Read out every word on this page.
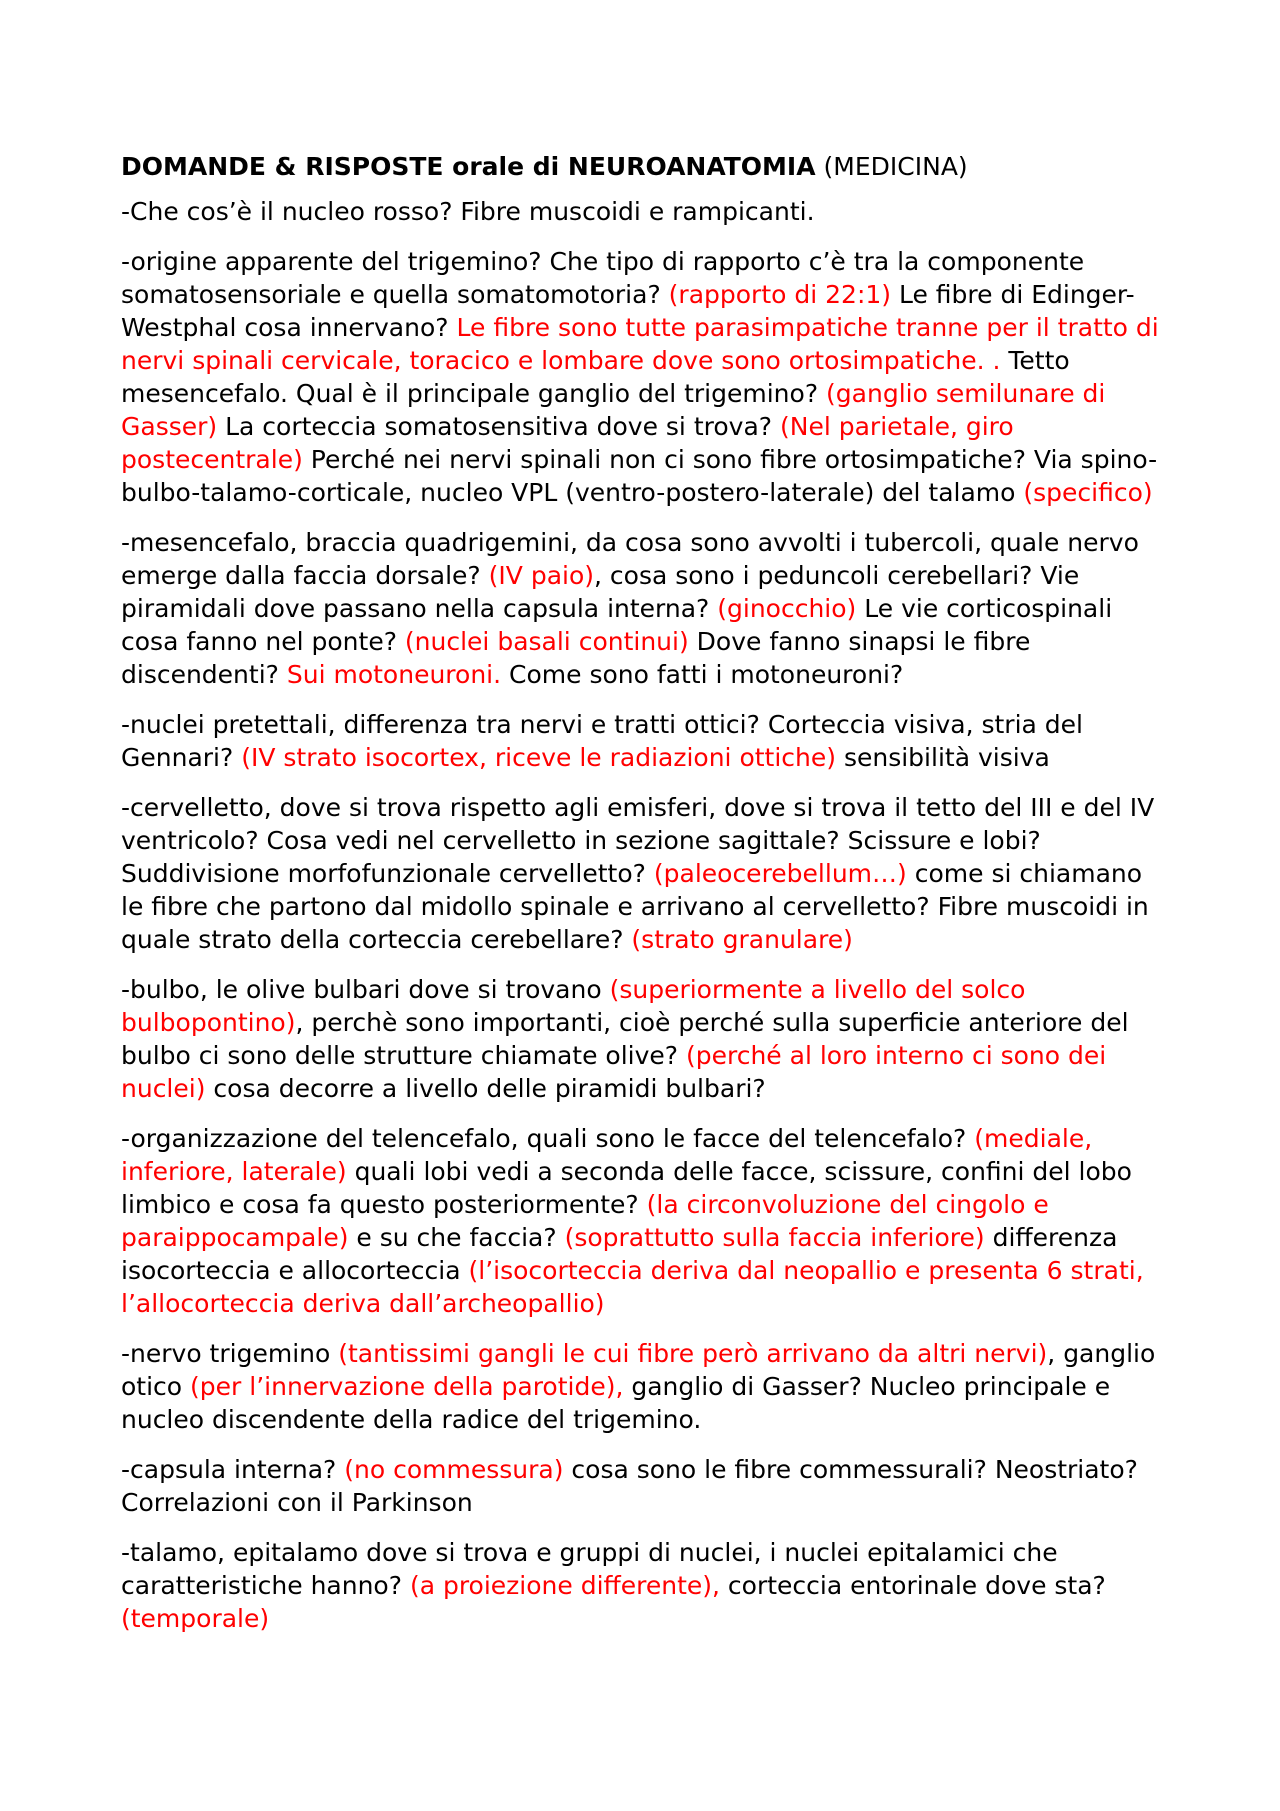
DOMANDE & RISPOSTE orale di NEUROANATOMIA (MEDICINA)

-Che cos’è il nucleo rosso? Fibre muscoidi e rampicanti.

-origine apparente del trigemino? Che tipo di rapporto c’è tra la componente somatosensoriale e quella somatomotoria? (rapporto di 22:1) Le fibre di Edinger-Westphal cosa innervano? Le fibre sono tutte parasimpatiche tranne per il tratto di nervi spinali cervicale, toracico e lombare dove sono ortosimpatiche. . Tetto mesencefalo. Qual è il principale ganglio del trigemino? (ganglio semilunare di Gasser) La corteccia somatosensitiva dove si trova? (Nel parietale, giro postecentrale) Perché nei nervi spinali non ci sono fibre ortosimpatiche? Via spino-bulbo-talamo-corticale, nucleo VPL (ventro-postero-laterale) del talamo (specifico)

-mesencefalo, braccia quadrigemini, da cosa sono avvolti i tubercoli, quale nervo emerge dalla faccia dorsale? (IV paio), cosa sono i peduncoli cerebellari? Vie piramidali dove passano nella capsula interna? (ginocchio) Le vie corticospinali cosa fanno nel ponte? (nuclei basali continui) Dove fanno sinapsi le fibre discendenti? Sui motoneuroni. Come sono fatti i motoneuroni?

-nuclei pretettali, differenza tra nervi e tratti ottici? Corteccia visiva, stria del Gennari? (IV strato isocortex, riceve le radiazioni ottiche) sensibilità visiva

-cervelletto, dove si trova rispetto agli emisferi, dove si trova il tetto del III e del IV ventricolo? Cosa vedi nel cervelletto in sezione sagittale? Scissure e lobi? Suddivisione morfofunzionale cervelletto? (paleocerebellum…) come si chiamano le fibre che partono dal midollo spinale e arrivano al cervelletto? Fibre muscoidi in quale strato della corteccia cerebellare? (strato granulare)

-bulbo, le olive bulbari dove si trovano (superiormente a livello del solco bulbopontino), perchè sono importanti, cioè perché sulla superficie anteriore del bulbo ci sono delle strutture chiamate olive? (perché al loro interno ci sono dei nuclei) cosa decorre a livello delle piramidi bulbari?

-organizzazione del telencefalo, quali sono le facce del telencefalo? (mediale, inferiore, laterale) quali lobi vedi a seconda delle facce, scissure, confini del lobo limbico e cosa fa questo posteriormente? (la circonvoluzione del cingolo e paraippocampale) e su che faccia? (soprattutto sulla faccia inferiore) differenza isocorteccia e allocorteccia (l’isocorteccia deriva dal neopallio e presenta 6 strati, l’allocorteccia deriva dall’archeopallio)

-nervo trigemino (tantissimi gangli le cui fibre però arrivano da altri nervi), ganglio otico (per l’innervazione della parotide), ganglio di Gasser? Nucleo principale e nucleo discendente della radice del trigemino.

-capsula interna? (no commessura) cosa sono le fibre commessurali? Neostriato? Correlazioni con il Parkinson

-talamo, epitalamo dove si trova e gruppi di nuclei, i nuclei epitalamici che caratteristiche hanno? (a proiezione differente), corteccia entorinale dove sta? (temporale)
